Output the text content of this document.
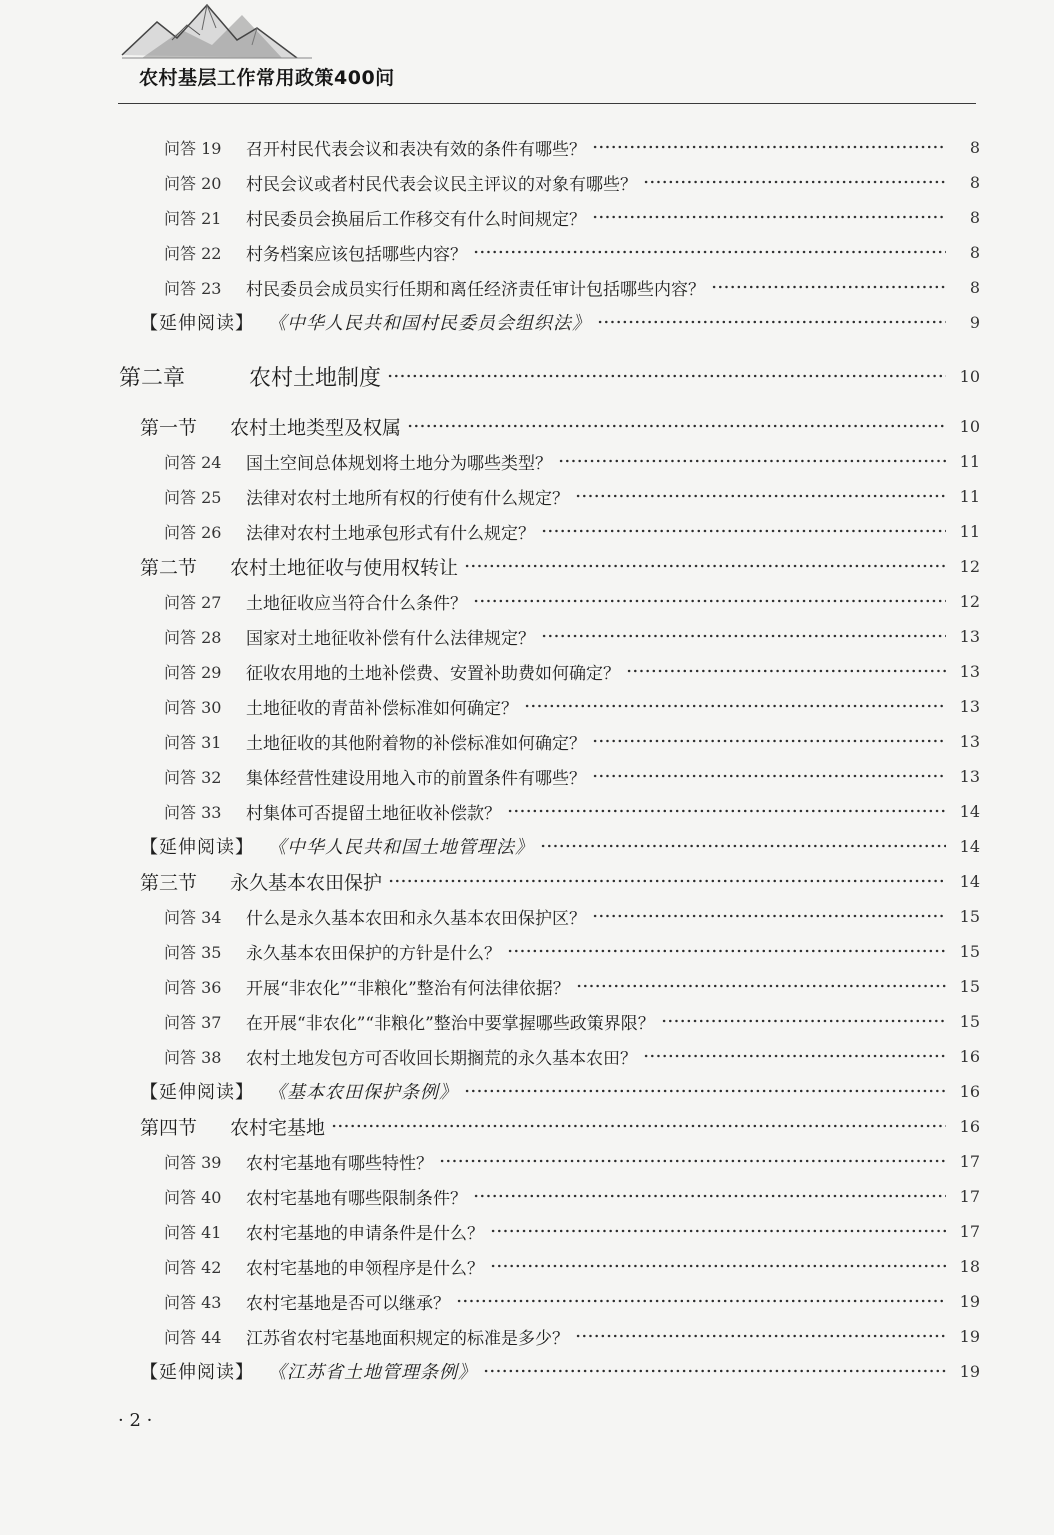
农村基层工作常用政策400问
问答 19	召开村民代表会议和表决有效的条件有哪些？	8
问答 20	村民会议或者村民代表会议民主评议的对象有哪些？	8
问答 21	村民委员会换届后工作移交有什么时间规定？	8
问答 22	村务档案应该包括哪些内容？	8
问答 23	村民委员会成员实行任期和离任经济责任审计包括哪些内容？	8
【延伸阅读】 《中华人民共和国村民委员会组织法》	9
第二章	农村土地制度	10
第一节	农村土地类型及权属	10
问答 24	国土空间总体规划将土地分为哪些类型？	11
问答 25	法律对农村土地所有权的行使有什么规定？	11
问答 26	法律对农村土地承包形式有什么规定？	11
第二节	农村土地征收与使用权转让	12
问答 27	土地征收应当符合什么条件？	12
问答 28	国家对土地征收补偿有什么法律规定？	13
问答 29	征收农用地的土地补偿费、安置补助费如何确定？	13
问答 30	土地征收的青苗补偿标准如何确定？	13
问答 31	土地征收的其他附着物的补偿标准如何确定？	13
问答 32	集体经营性建设用地入市的前置条件有哪些？	13
问答 33	村集体可否提留土地征收补偿款？	14
【延伸阅读】 《中华人民共和国土地管理法》	14
第三节	永久基本农田保护	14
问答 34	什么是永久基本农田和永久基本农田保护区？	15
问答 35	永久基本农田保护的方针是什么？	15
问答 36	开展“非农化”“非粮化”整治有何法律依据？	15
问答 37	在开展“非农化”“非粮化”整治中要掌握哪些政策界限？	15
问答 38	农村土地发包方可否收回长期搁荒的永久基本农田？	16
【延伸阅读】 《基本农田保护条例》	16
第四节	农村宅基地	16
问答 39	农村宅基地有哪些特性？	17
问答 40	农村宅基地有哪些限制条件？	17
问答 41	农村宅基地的申请条件是什么？	17
问答 42	农村宅基地的申领程序是什么？	18
问答 43	农村宅基地是否可以继承？	19
问答 44	江苏省农村宅基地面积规定的标准是多少？	19
【延伸阅读】 《江苏省土地管理条例》	19
· 2 ·
